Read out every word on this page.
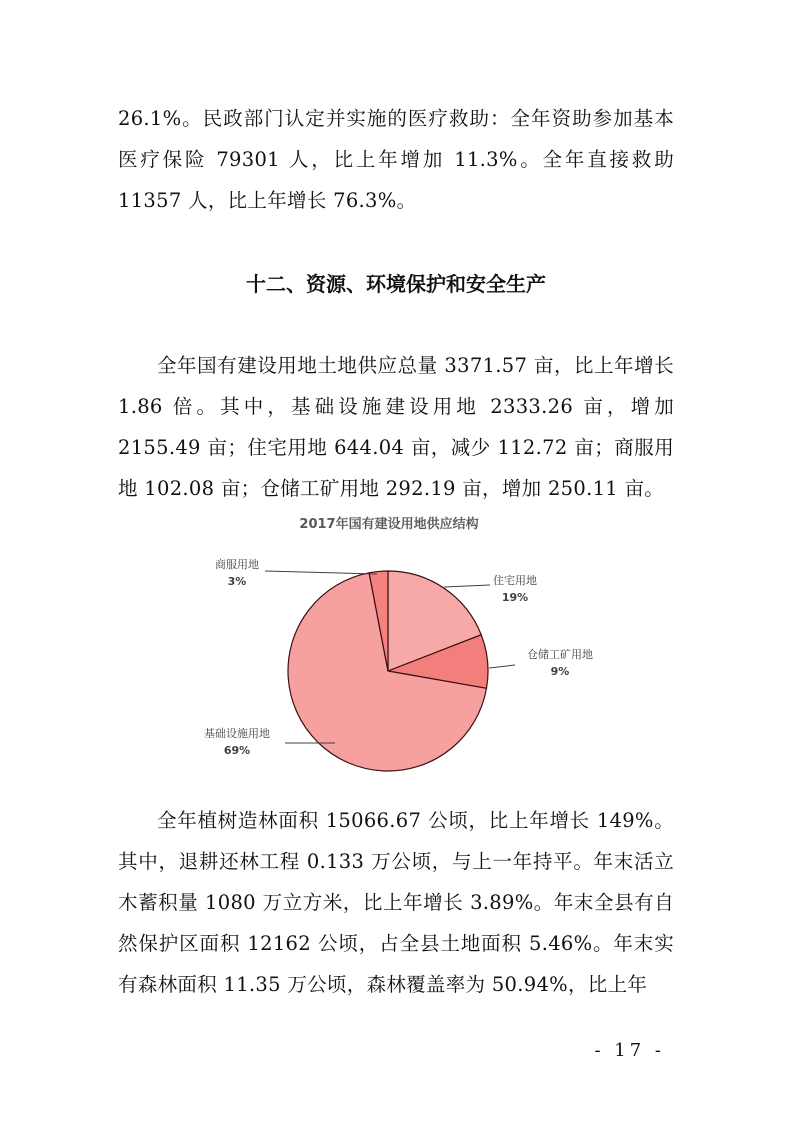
26.1%。民政部门认定并实施的医疗救助：全年资助参加基本医疗保险 79301 人，比上年增加 11.3%。全年直接救助 11357 人，比上年增长 76.3%。

十二、资源、环境保护和安全生产

全年国有建设用地土地供应总量 3371.57 亩，比上年增长 1.86 倍。其中，基础设施建设用地 2333.26 亩，增加 2155.49 亩；住宅用地 644.04 亩，减少 112.72 亩；商服用地 102.08 亩；仓储工矿用地 292.19 亩，增加 250.11 亩。

2017年国有建设用地供应结构
住宅用地
19%
仓储工矿用地
9%
基础设施用地
69%
商服用地
3%

全年植树造林面积 15066.67 公顷，比上年增长 149%。其中，退耕还林工程 0.133 万公顷，与上一年持平。年末活立木蓄积量 1080 万立方米，比上年增长 3.89%。年末全县有自然保护区面积 12162 公顷，占全县土地面积 5.46%。年末实有森林面积 11.35 万公顷，森林覆盖率为 50.94%，比上年

- 17 -
